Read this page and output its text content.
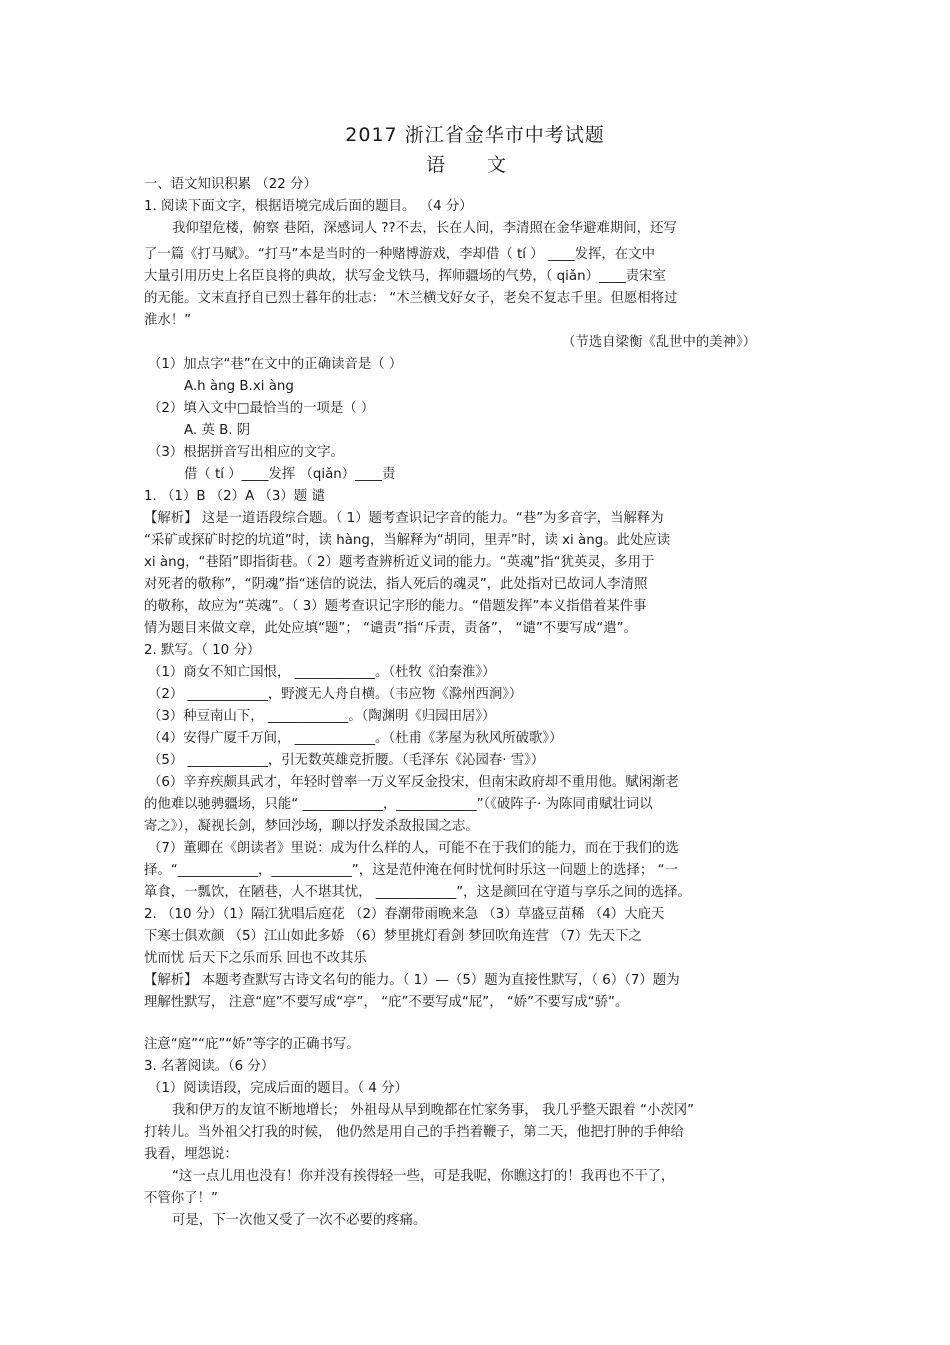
2017 浙江省金华市中考试题
语 文
一、语文知识积累 （22 分）
1. 阅读下面文字，根据语境完成后面的题目。 （4 分）
我仰望危楼，俯察 巷陌，深感词人 ??不去，长在人间，李清照在金华避难期间，还写
了一篇《打马赋》。“打马”本是当时的一种赌博游戏，李却借（ tí ） ____发挥，在文中
大量引用历史上名臣良将的典故，状写金戈铁马，挥师疆场的气势，（ qiǎn）____责宋室
的无能。文末直抒自已烈士暮年的壮志： “木兰横戈好女子，老矣不复志千里。但愿相将过
淮水！”
（节选自梁衡《乱世中的美神》）
（1）加点字“巷”在文中的正确读音是（ ）
A.h àng B.xi àng
（2）填入文中□最恰当的一项是（ ）
A. 英 B. 阴
（3）根据拼音写出相应的文字。
借（ tí ）____发挥 （qiǎn）____责
1. （1）B （2）A （3）题 谴
【解析】 这是一道语段综合题。（ 1）题考查识记字音的能力。“巷”为多音字，当解释为
“采矿或探矿时挖的坑道”时，读 hàng，当解释为“胡同，里弄”时，读 xi àng。此处应读
xi àng，“巷陌”即指街巷。（ 2）题考查辨析近义词的能力。“英魂”指“犹英灵，多用于
对死者的敬称”，“阴魂”指“迷信的说法，指人死后的魂灵”，此处指对已故词人李清照
的敬称，故应为“英魂”。（ 3）题考查识记字形的能力。“借题发挥”本义指借着某件事
情为题目来做文章，此处应填“题”； “谴责”指“斥责，责备”， “谴”不要写成“遣”。
2. 默写。（ 10 分）
（1）商女不知亡国恨， ____________。（杜牧《泊秦淮》）
（2） ____________，野渡无人舟自横。（韦应物《滁州西涧》）
（3）种豆南山下， ____________。（陶渊明《归园田居》）
（4）安得广厦千万间， ____________。（杜甫《茅屋为秋风所破歌》）
（5） ____________，引无数英雄竞折腰。（毛泽东《沁园春· 雪》）
（6）辛弃疾颇具武才，年轻时曾率一万义军反金投宋，但南宋政府却不重用他。赋闲渐老
的他难以驰骋疆场，只能“ ____________，____________”（《破阵子· 为陈同甫赋壮词以
寄之》），凝视长剑，梦回沙场，聊以抒发杀敌报国之志。
（7）董卿在《朗读者》里说：成为什么样的人，可能不在于我们的能力，而在于我们的选
择。“____________，____________”，这是范仲淹在何时忧何时乐这一问题上的选择； “一
箪食，一瓢饮，在陋巷，人不堪其忧， ____________”，这是颜回在守道与享乐之间的选择。
2. （10 分）（1）隔江犹唱后庭花 （2）春潮带雨晚来急 （3）草盛豆苗稀 （4）大庇天
下寒士俱欢颜 （5）江山如此多娇 （6）梦里挑灯看剑 梦回吹角连营 （7）先天下之
忧而忧 后天下之乐而乐 回也不改其乐
【解析】 本题考查默写古诗文名句的能力。（ 1）—（5）题为直接性默写，（ 6）（7）题为
理解性默写， 注意“庭”不要写成“亭”， “庇”不要写成“屁”， “娇”不要写成“骄”。
注意“庭”“庇”“娇”等字的正确书写。
3. 名著阅读。（6 分）
（1）阅读语段，完成后面的题目。（ 4 分）
我和伊万的友谊不断地增长； 外祖母从早到晚都在忙家务事， 我几乎整天跟着 “小茨冈”
打转儿。当外祖父打我的时候， 他仍然是用自己的手挡着鞭子，第二天，他把打肿的手伸给
我看，埋怨说：
“这一点儿用也没有！你并没有挨得轻一些，可是我呢，你瞧这打的！我再也不干了，
不管你了！”
可是，下一次他又受了一次不必要的疼痛。
